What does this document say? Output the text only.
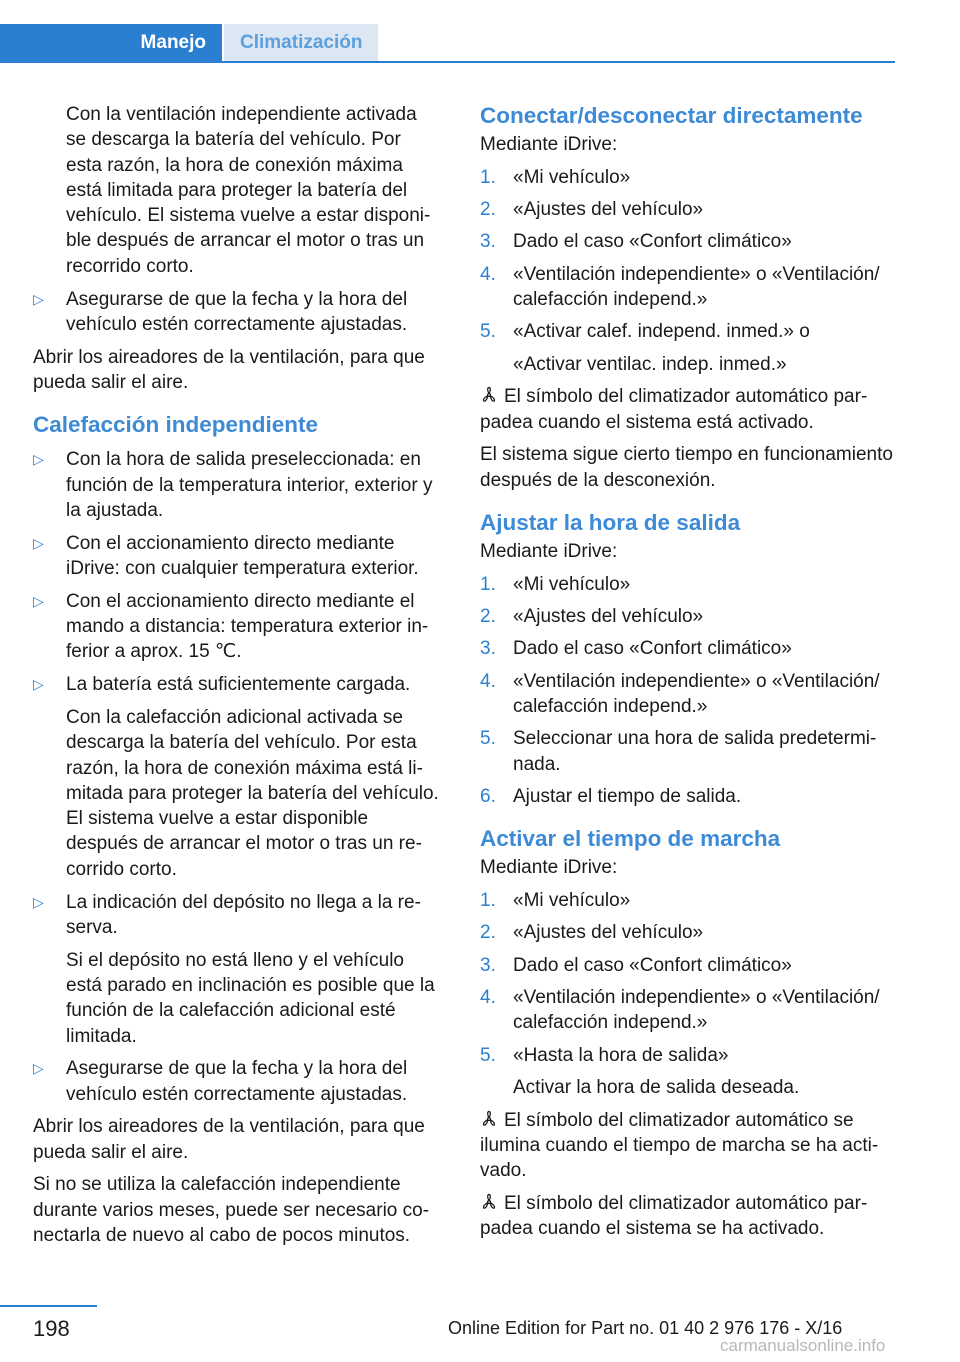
Manejo	Climatización

Con la ventilación independiente activada se descarga la batería del vehículo. Por esta razón, la hora de conexión máxima está limitada para proteger la batería del vehículo. El sistema vuelve a estar disponible después de arrancar el motor o tras un recorrido corto.

▷ Asegurarse de que la fecha y la hora del vehículo estén correctamente ajustadas.

Abrir los aireadores de la ventilación, para que pueda salir el aire.

Calefacción independiente
▷ Con la hora de salida preseleccionada: en función de la temperatura interior, exterior y la ajustada.
▷ Con el accionamiento directo mediante iDrive: con cualquier temperatura exterior.
▷ Con el accionamiento directo mediante el mando a distancia: temperatura exterior inferior a aprox. 15 ℃.
▷ La batería está suficientemente cargada.
Con la calefacción adicional activada se descarga la batería del vehículo. Por esta razón, la hora de conexión máxima está limitada para proteger la batería del vehículo. El sistema vuelve a estar disponible después de arrancar el motor o tras un recorrido corto.
▷ La indicación del depósito no llega a la reserva.
Si el depósito no está lleno y el vehículo está parado en inclinación es posible que la función de la calefacción adicional esté limitada.
▷ Asegurarse de que la fecha y la hora del vehículo estén correctamente ajustadas.

Abrir los aireadores de la ventilación, para que pueda salir el aire.

Si no se utiliza la calefacción independiente durante varios meses, puede ser necesario conectarla de nuevo al cabo de pocos minutos.

Conectar/desconectar directamente

Mediante iDrive:

1. «Mi vehículo»
2. «Ajustes del vehículo»
3. Dado el caso «Confort climático»
4. «Ventilación independiente» o «Ventilación/ calefacción independ.»
5. «Activar calef. independ. inmed.» o
«Activar ventilac. indep. inmed.»

El símbolo del climatizador automático parpadea cuando el sistema está activado.

El sistema sigue cierto tiempo en funcionamiento después de la desconexión.

Ajustar la hora de salida

Mediante iDrive:

1. «Mi vehículo»
2. «Ajustes del vehículo»
3. Dado el caso «Confort climático»
4. «Ventilación independiente» o «Ventilación/ calefacción independ.»
5. Seleccionar una hora de salida predeterminada.
6. Ajustar el tiempo de salida.
Activar el tiempo de marcha

Mediante iDrive:

1. «Mi vehículo»
2. «Ajustes del vehículo»
3. Dado el caso «Confort climático»
4. «Ventilación independiente» o «Ventilación/ calefacción independ.»
5. «Hasta la hora de salida»
Activar la hora de salida deseada.

El símbolo del climatizador automático se ilumina cuando el tiempo de marcha se ha activado.

El símbolo del climatizador automático parpadea cuando el sistema se ha activado.

198	Online Edition for Part no. 01 40 2 976 176 - X/16
carmanualsonline.info
